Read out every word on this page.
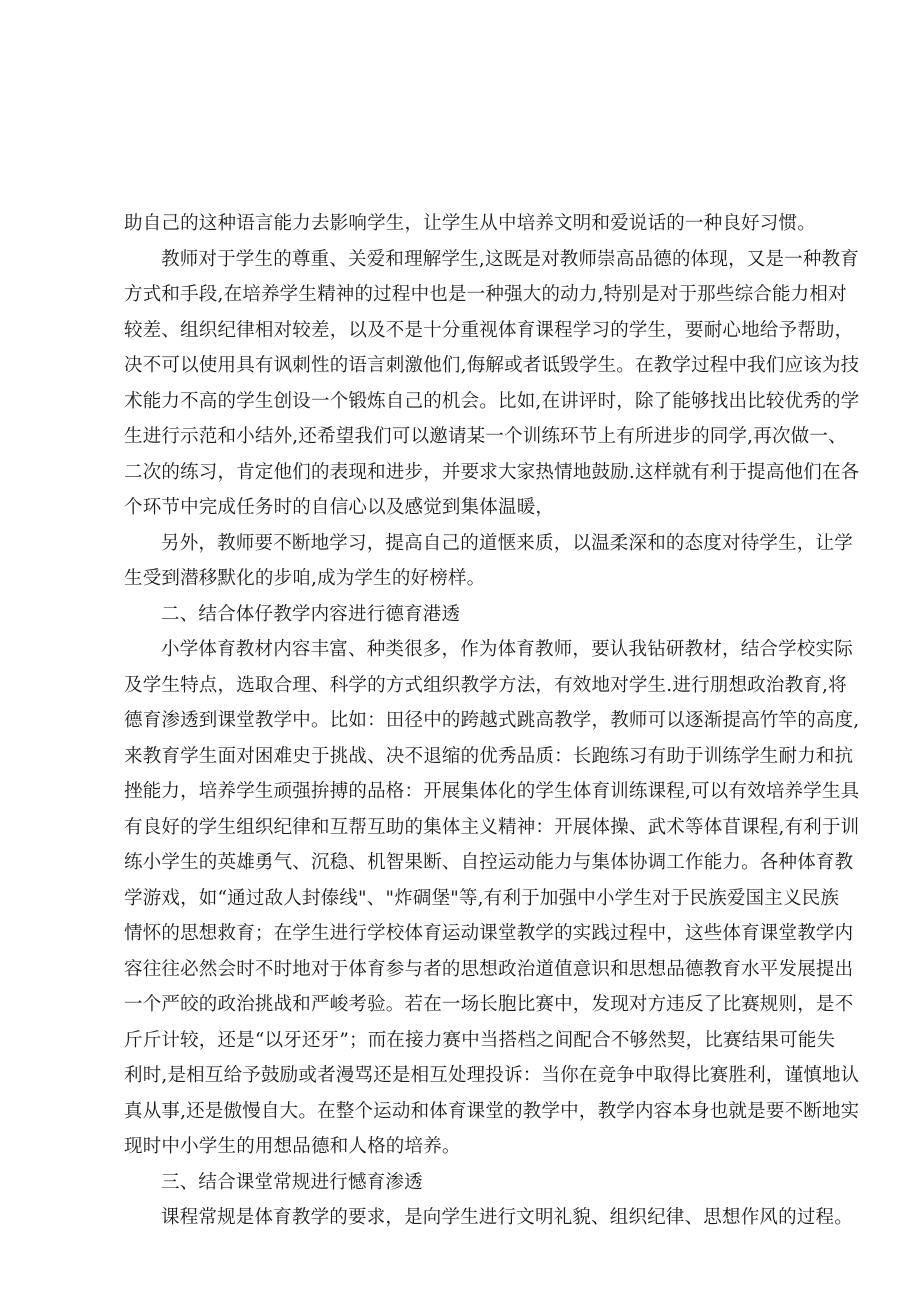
助自己的这种语言能力去影响学生，让学生从中培养文明和爱说话的一种良好习惯。
教师对于学生的尊重、关爱和理解学生,这既是对教师崇高品德的体现，又是一种教育
方式和手段,在培养学生精神的过程中也是一种强大的动力,特别是对于那些综合能力相对
较差、组织纪律相对较差，以及不是十分重视体育课程学习的学生，要耐心地给予帮助，
决不可以使用具有讽刺性的语言刺激他们,侮解或者诋毁学生。在教学过程中我们应该为技
术能力不高的学生创设一个锻炼自己的机会。比如,在讲评时，除了能够找出比较优秀的学
生进行示范和小结外,还希望我们可以邀请某一个训练环节上有所进步的同学,再次做一、
二次的练习，肯定他们的表现和进步，并要求大家热情地鼓励.这样就有利于提高他们在各
个环节中完成任务时的自信心以及感觉到集体温暖，
另外，教师要不断地学习，提高自己的道惬来质，以温柔深和的态度对待学生，让学
生受到潜移默化的步咱,成为学生的好榜样。
二、结合体仔教学内容进行德育港透
小学体育教材内容丰富、种类很多，作为体育教师，要认我钻研教材，结合学校实际
及学生特点，选取合理、科学的方式组织教学方法，有效地对学生.进行朋想政治教育,将
德育渗透到课堂教学中。比如：田径中的跨越式跳高教学，教师可以逐渐提高竹竿的高度,
来教育学生面对困难史于挑战、决不退缩的优秀品质：长跑练习有助于训练学生耐力和抗
挫能力，培养学生顽强拚搏的品格：开展集体化的学生体育训练课程,可以有效培养学生具
有良好的学生组织纪律和互帮互助的集体主义精神：开展体操、武术等体苜课程,有利于训
练小学生的英雄勇气、沉稳、机智果断、自控运动能力与集体协调工作能力。各种体育教
学游戏，如“通过敌人封傣线"、"炸碉堡"等,有利于加强中小学生对于民族爱国主义民族
情怀的思想救育；在学生进行学校体育运动课堂教学的实践过程中，这些体育课堂教学内
容往往必然会时不时地对于体育参与者的思想政治道值意识和思想品德教育水平发展提出
一个严皎的政治挑战和严峻考验。若在一场长胞比赛中，发现对方违反了比赛规则，是不
斤斤计较，还是“以牙还牙”；而在接力赛中当搭档之间配合不够然契，比赛结果可能失
利时,是相互给予鼓励或者漫骂还是相互处理投诉：当你在竞争中取得比赛胜利，谨慎地认
真从事,还是傲慢自大。在整个运动和体育课堂的教学中，教学内容本身也就是要不断地实
现时中小学生的用想品德和人格的培养。
三、结合课堂常规进行憾育渗透
课程常规是体育教学的要求，是向学生进行文明礼貌、组织纪律、思想作风的过程。
